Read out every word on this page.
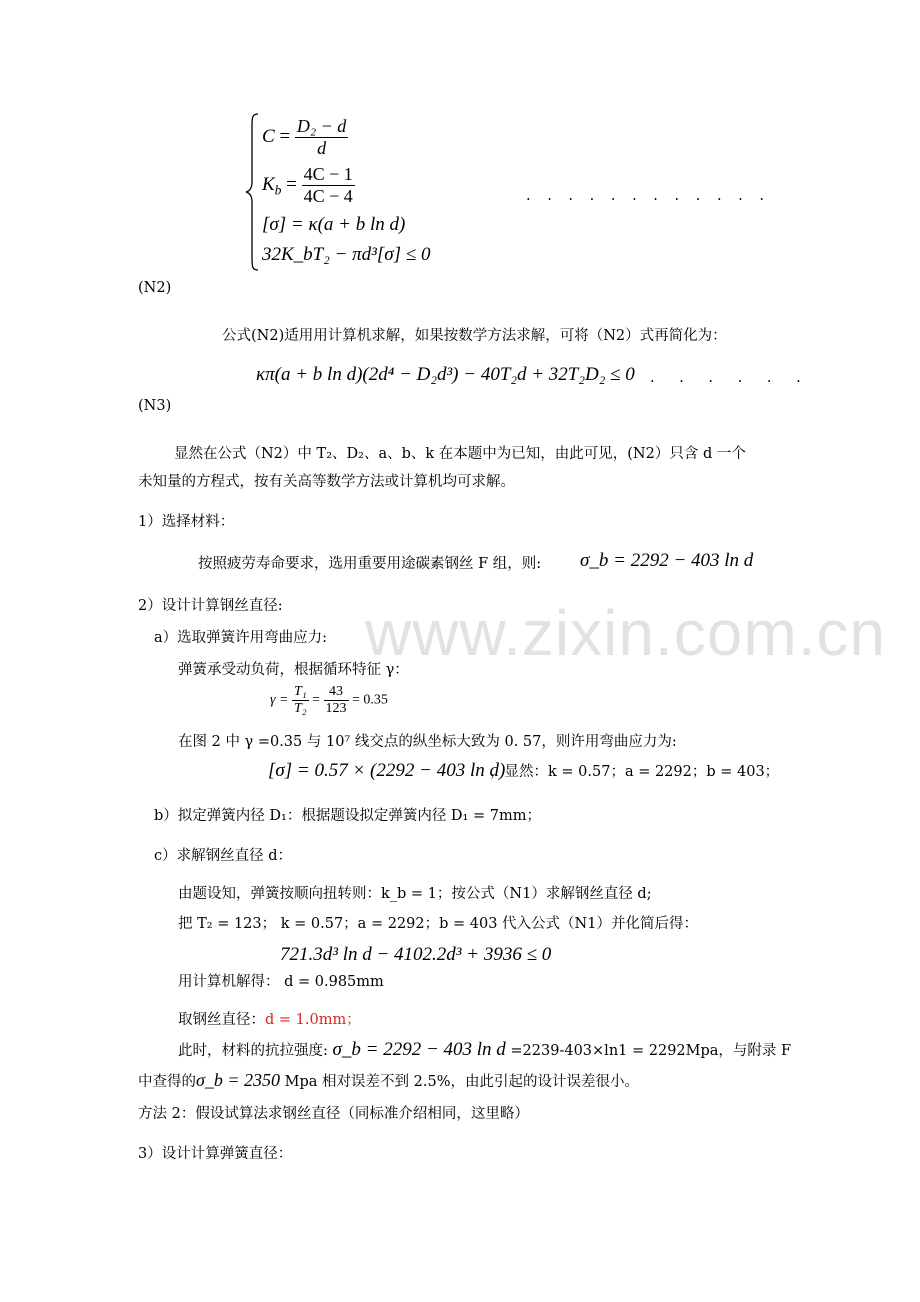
www.zixin.com.cn
$C = \frac{\text{D₂ − d}}{d}$
$K_b = \frac{4C - 1}{4C - 4}$
[σ] = κ(a + b ln d)
32K_bT₂ − πd³[σ] ≤ 0
. . . . . . . . . . . .
(N2)
公式(N2)适用用计算机求解，如果按数学方法求解，可将（N2）式再简化为：
κπ(a + b ln d)(2d⁴ − D₂d³) − 40T₂d + 32T₂D₂ ≤ 0 . . . . . .
(N3)
显然在公式（N2）中 T₂、D₂、a、b、k 在本题中为已知，由此可见，(N2）只含 d 一个
未知量的方程式，按有关高等数学方法或计算机均可求解。
1）选择材料：
按照疲劳寿命要求，选用重要用途碳素钢丝 F 组，则: σ_b = 2292 − 403 ln d
2）设计计算钢丝直径:
a）选取弹簧许用弯曲应力:
弹簧承受动负荷，根据循环特征 γ：
$\gamma = \frac{\text{T₁}}{\text{T₂}} = \frac{43}{123} = 0.35$
在图 2 中 γ =0.35 与 10⁷ 线交点的纵坐标大致为 0. 57，则许用弯曲应力为:
[σ] = 0.57 × (2292 − 403 ln d)
，显然：k = 0.57；a = 2292；b = 403；
b）拟定弹簧内径 D₁：根据题设拟定弹簧内径 D₁ = 7mm；
c）求解钢丝直径 d：
由题设知，弹簧按顺向扭转则：k_b = 1；按公式（N1）求解钢丝直径 d;
把 T₂ = 123； k = 0.57；a = 2292；b = 403 代入公式（N1）并化简后得：
721.3d³ ln d − 4102.2d³ + 3936 ≤ 0
用计算机解得： d = 0.985mm
取钢丝直径：d = 1.0mm；
此时，材料的抗拉强度: σ_b = 2292 − 403 ln d =2239-403×ln1 = 2292Mpa，与附录 F
中查得的σ_b = 2350 Mpa 相对误差不到 2.5%，由此引起的设计误差很小。
方法 2：假设试算法求钢丝直径（同标准介绍相同，这里略）
3）设计计算弹簧直径：
